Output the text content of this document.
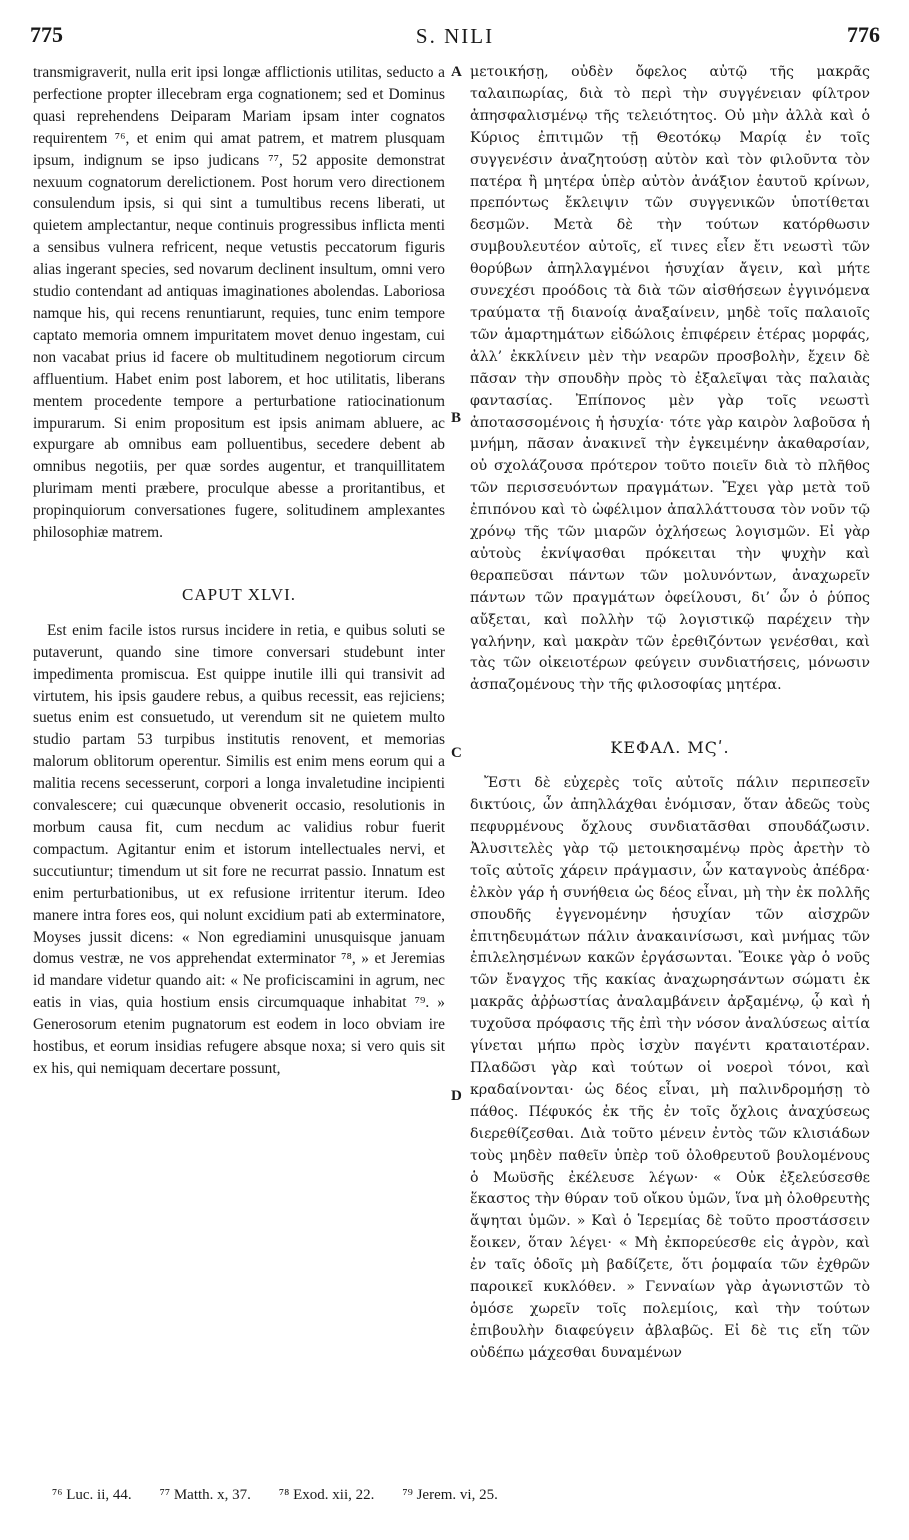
775	S. NILI	776

transmigraverit, nulla erit ipsi longæ afflictionis utilitas, seducto a perfectione propter illecebram erga cognationem; sed et Dominus quasi reprehendens Deiparam Mariam ipsam inter cognatos requirentem ⁷⁶, et enim qui amat patrem, et matrem plusquam ipsum, indignum se ipso judicans ⁷⁷, 52 apposite demonstrat nexuum cognatorum derelictionem. Post horum vero directionem consulendum ipsis, si qui sint a tumultibus recens liberati, ut quietem amplectantur, neque continuis progressibus inflicta menti a sensibus vulnera refricent, neque vetustis peccatorum figuris alias ingerant species, sed novarum declinent insultum, omni vero studio contendant ad antiquas imaginationes abolendas. Laboriosa namque his, qui recens renuntiarunt, requies, tunc enim tempore captato memoria omnem impuritatem movet denuo ingestam, cui non vacabat prius id facere ob multitudinem negotiorum circum affluentium. Habet enim post laborem, et hoc utilitatis, liberans mentem procedente tempore a perturbatione ratiocinationum impurarum. Si enim propositum est ipsis animam abluere, ac expurgare ab omnibus eam polluentibus, secedere debent ab omnibus negotiis, per quæ sordes augentur, et tranquillitatem plurimam menti præbere, proculque abesse a proritantibus, et propinquiorum conversationes fugere, solitudinem amplexantes philosophiæ matrem.

CAPUT XLVI.

Est enim facile istos rursus incidere in retia, e quibus soluti se putaverunt, quando sine timore conversari studebunt inter impedimenta promiscua. Est quippe inutile illi qui transivit ad virtutem, his ipsis gaudere rebus, a quibus recessit, eas rejiciens; suetus enim est consuetudo, ut verendum sit ne quietem multo studio partam 53 turpibus institutis renovent, et memorias malorum oblitorum operentur. Similis est enim mens eorum qui a malitia recens secesserunt, corpori a longa invaletudine incipienti convalescere; cui quæcunque obvenerit occasio, resolutionis in morbum causa fit, cum necdum ac validius robur fuerit compactum. Agitantur enim et istorum intellectuales nervi, et succutiuntur; timendum ut sit fore ne recurrat passio. Innatum est enim perturbationibus, ut ex refusione irritentur iterum. Ideo manere intra fores eos, qui nolunt excidium pati ab exterminatore, Moyses jussit dicens: « Non egrediamini unusquisque januam domus vestræ, ne vos apprehendat exterminator ⁷⁸, » et Jeremias id mandare videtur quando ait: « Ne proficiscamini in agrum, nec eatis in vias, quia hostium ensis circumquaque inhabitat ⁷⁹. » Generosorum etenim pugnatorum est eodem in loco obviam ire hostibus, et eorum insidias refugere absque noxa; si vero quis sit ex his, qui nemiquam decertare possunt,

μετοικήσῃ, οὐδὲν ὄφελος αὐτῷ τῆς μακρᾶς ταλαιπωρίας, διὰ τὸ περὶ τὴν συγγένειαν φίλτρον ἀπησφαλισμένῳ τῆς τελειότητος. Οὐ μὴν ἀλλὰ καὶ ὁ Κύριος ἐπιτιμῶν τῇ Θεοτόκῳ Μαρίᾳ ἐν τοῖς συγγενέσιν ἀναζητούσῃ αὐτὸν καὶ τὸν φιλοῦντα τὸν πατέρα ἢ μητέρα ὑπὲρ αὐτὸν ἀνάξιον ἑαυτοῦ κρίνων, πρεπόντως ἔκλειψιν τῶν συγγενικῶν ὑποτίθεται δεσμῶν. Μετὰ δὲ τὴν τούτων κατόρθωσιν συμβουλευτέον αὐτοῖς, εἴ τινες εἶεν ἔτι νεωστὶ τῶν θορύβων ἀπηλλαγμένοι ἡσυχίαν ἄγειν, καὶ μήτε συνεχέσι προόδοις τὰ διὰ τῶν αἰσθήσεων ἐγγινόμενα τραύματα τῇ διανοίᾳ ἀναξαίνειν, μηδὲ τοῖς παλαιοῖς τῶν ἁμαρτημάτων εἰδώλοις ἐπιφέρειν ἑτέρας μορφάς, ἀλλ’ ἐκκλίνειν μὲν τὴν νεαρῶν προσβολὴν, ἔχειν δὲ πᾶσαν τὴν σπουδὴν πρὸς τὸ ἐξαλεῖψαι τὰς παλαιὰς φαντασίας. Ἐπίπονος μὲν γὰρ τοῖς νεωστὶ ἀποτασσομένοις ἡ ἡσυχία· τότε γὰρ καιρὸν λαβοῦσα ἡ μνήμη, πᾶσαν ἀνακινεῖ τὴν ἐγκειμένην ἀκαθαρσίαν, οὐ σχολάζουσα πρότερον τοῦτο ποιεῖν διὰ τὸ πλῆθος τῶν περισσευόντων πραγμάτων. Ἔχει γὰρ μετὰ τοῦ ἐπιπόνου καὶ τὸ ὠφέλιμον ἀπαλλάττουσα τὸν νοῦν τῷ χρόνῳ τῆς τῶν μιαρῶν ὀχλήσεως λογισμῶν. Εἰ γὰρ αὐτοὺς ἐκνίψασθαι πρόκειται τὴν ψυχὴν καὶ θεραπεῦσαι πάντων τῶν μολυνόντων, ἀναχωρεῖν πάντων τῶν πραγμάτων ὀφείλουσι, δι’ ὧν ὁ ῥύπος αὔξεται, καὶ πολλὴν τῷ λογιστικῷ παρέχειν τὴν γαλήνην, καὶ μακρὰν τῶν ἐρεθιζόντων γενέσθαι, καὶ τὰς τῶν οἰκειοτέρων φεύγειν συνδιατήσεις, μόνωσιν ἀσπαζομένους τὴν τῆς φιλοσοφίας μητέρα.

ΚΕΦΑΛ. ΜϚʹ.

Ἔστι δὲ εὐχερὲς τοῖς αὐτοῖς πάλιν περιπεσεῖν δικτύοις, ὧν ἀπηλλάχθαι ἐνόμισαν, ὅταν ἀδεῶς τοὺς πεφυρμένους ὄχλους συνδιατᾶσθαι σπουδάζωσιν. Ἀλυσιτελὲς γὰρ τῷ μετοικησαμένῳ πρὸς ἀρετὴν τὸ τοῖς αὐτοῖς χάρειν πράγμασιν, ὧν καταγνοὺς ἀπέδρα· ἐλκὸν γάρ ἡ συνήθεια ὡς δέος εἶναι, μὴ τὴν ἐκ πολλῆς σπουδῆς ἐγγενομένην ἡσυχίαν τῶν αἰσχρῶν ἐπιτηδευμάτων πάλιν ἀνακαινίσωσι, καὶ μνήμας τῶν ἐπιλελησμένων κακῶν ἐργάσωνται. Ἔοικε γὰρ ὁ νοῦς τῶν ἔναγχος τῆς κακίας ἀναχωρησάντων σώματι ἐκ μακρᾶς ἀῤῥωστίας ἀναλαμβάνειν ἀρξαμένῳ, ᾧ καὶ ἡ τυχοῦσα πρόφασις τῆς ἐπὶ τὴν νόσον ἀναλύσεως αἰτία γίνεται μήπω πρὸς ἰσχὺν παγέντι κραταιοτέραν. Πλαδῶσι γὰρ καὶ τούτων οἱ νοεροὶ τόνοι, καὶ κραδαίνονται· ὡς δέος εἶναι, μὴ παλινδρομήσῃ τὸ πάθος. Πέφυκός ἐκ τῆς ἐν τοῖς ὄχλοις ἀναχύσεως διερεθίζεσθαι. Διὰ τοῦτο μένειν ἐντὸς τῶν κλισιάδων τοὺς μηδὲν παθεῖν ὑπὲρ τοῦ ὀλοθρευτοῦ βουλομένους ὁ Μωϋσῆς ἐκέλευσε λέγων· « Οὐκ ἐξελεύσεσθε ἕκαστος τὴν θύραν τοῦ οἴκου ὑμῶν, ἵνα μὴ ὀλοθρευτὴς ἅψηται ὑμῶν. » Καὶ ὁ Ἱερεμίας δὲ τοῦτο προστάσσειν ἔοικεν, ὅταν λέγει· « Μὴ ἐκπορεύεσθε εἰς ἀγρὸν, καὶ ἐν ταῖς ὁδοῖς μὴ βαδίζετε, ὅτι ῥομφαία τῶν ἐχθρῶν παροικεῖ κυκλόθεν. » Γενναίων γὰρ ἀγωνιστῶν τὸ ὁμόσε χωρεῖν τοῖς πολεμίοις, καὶ τὴν τούτων ἐπιβουλὴν διαφεύγειν ἀβλαβῶς. Εἰ δὲ τις εἴη τῶν οὐδέπω μάχεσθαι δυναμένων

A
B
C
D
⁷⁶ Luc. ii, 44. ⁷⁷ Matth. x, 37. ⁷⁸ Exod. xii, 22. ⁷⁹ Jerem. vi, 25.
